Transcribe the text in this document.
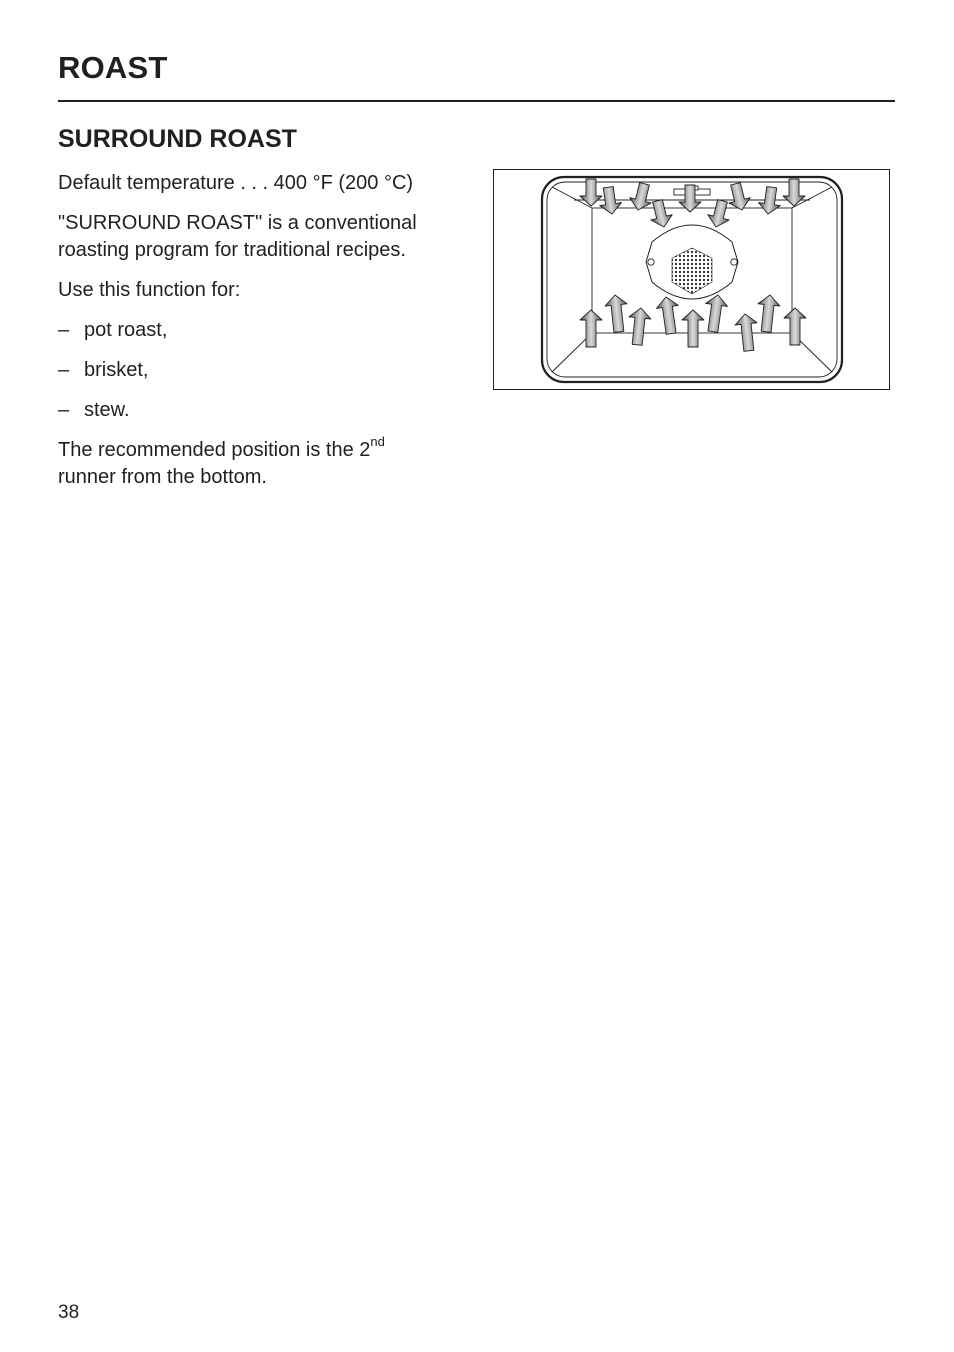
ROAST
SURROUND ROAST

Default temperature . . . 400 °F (200 °C)

"SURROUND ROAST" is a conventional roasting program for traditional recipes.

Use this function for:

– pot roast,

– brisket,

– stew.

The recommended position is the 2nd
runner from the bottom.

38
